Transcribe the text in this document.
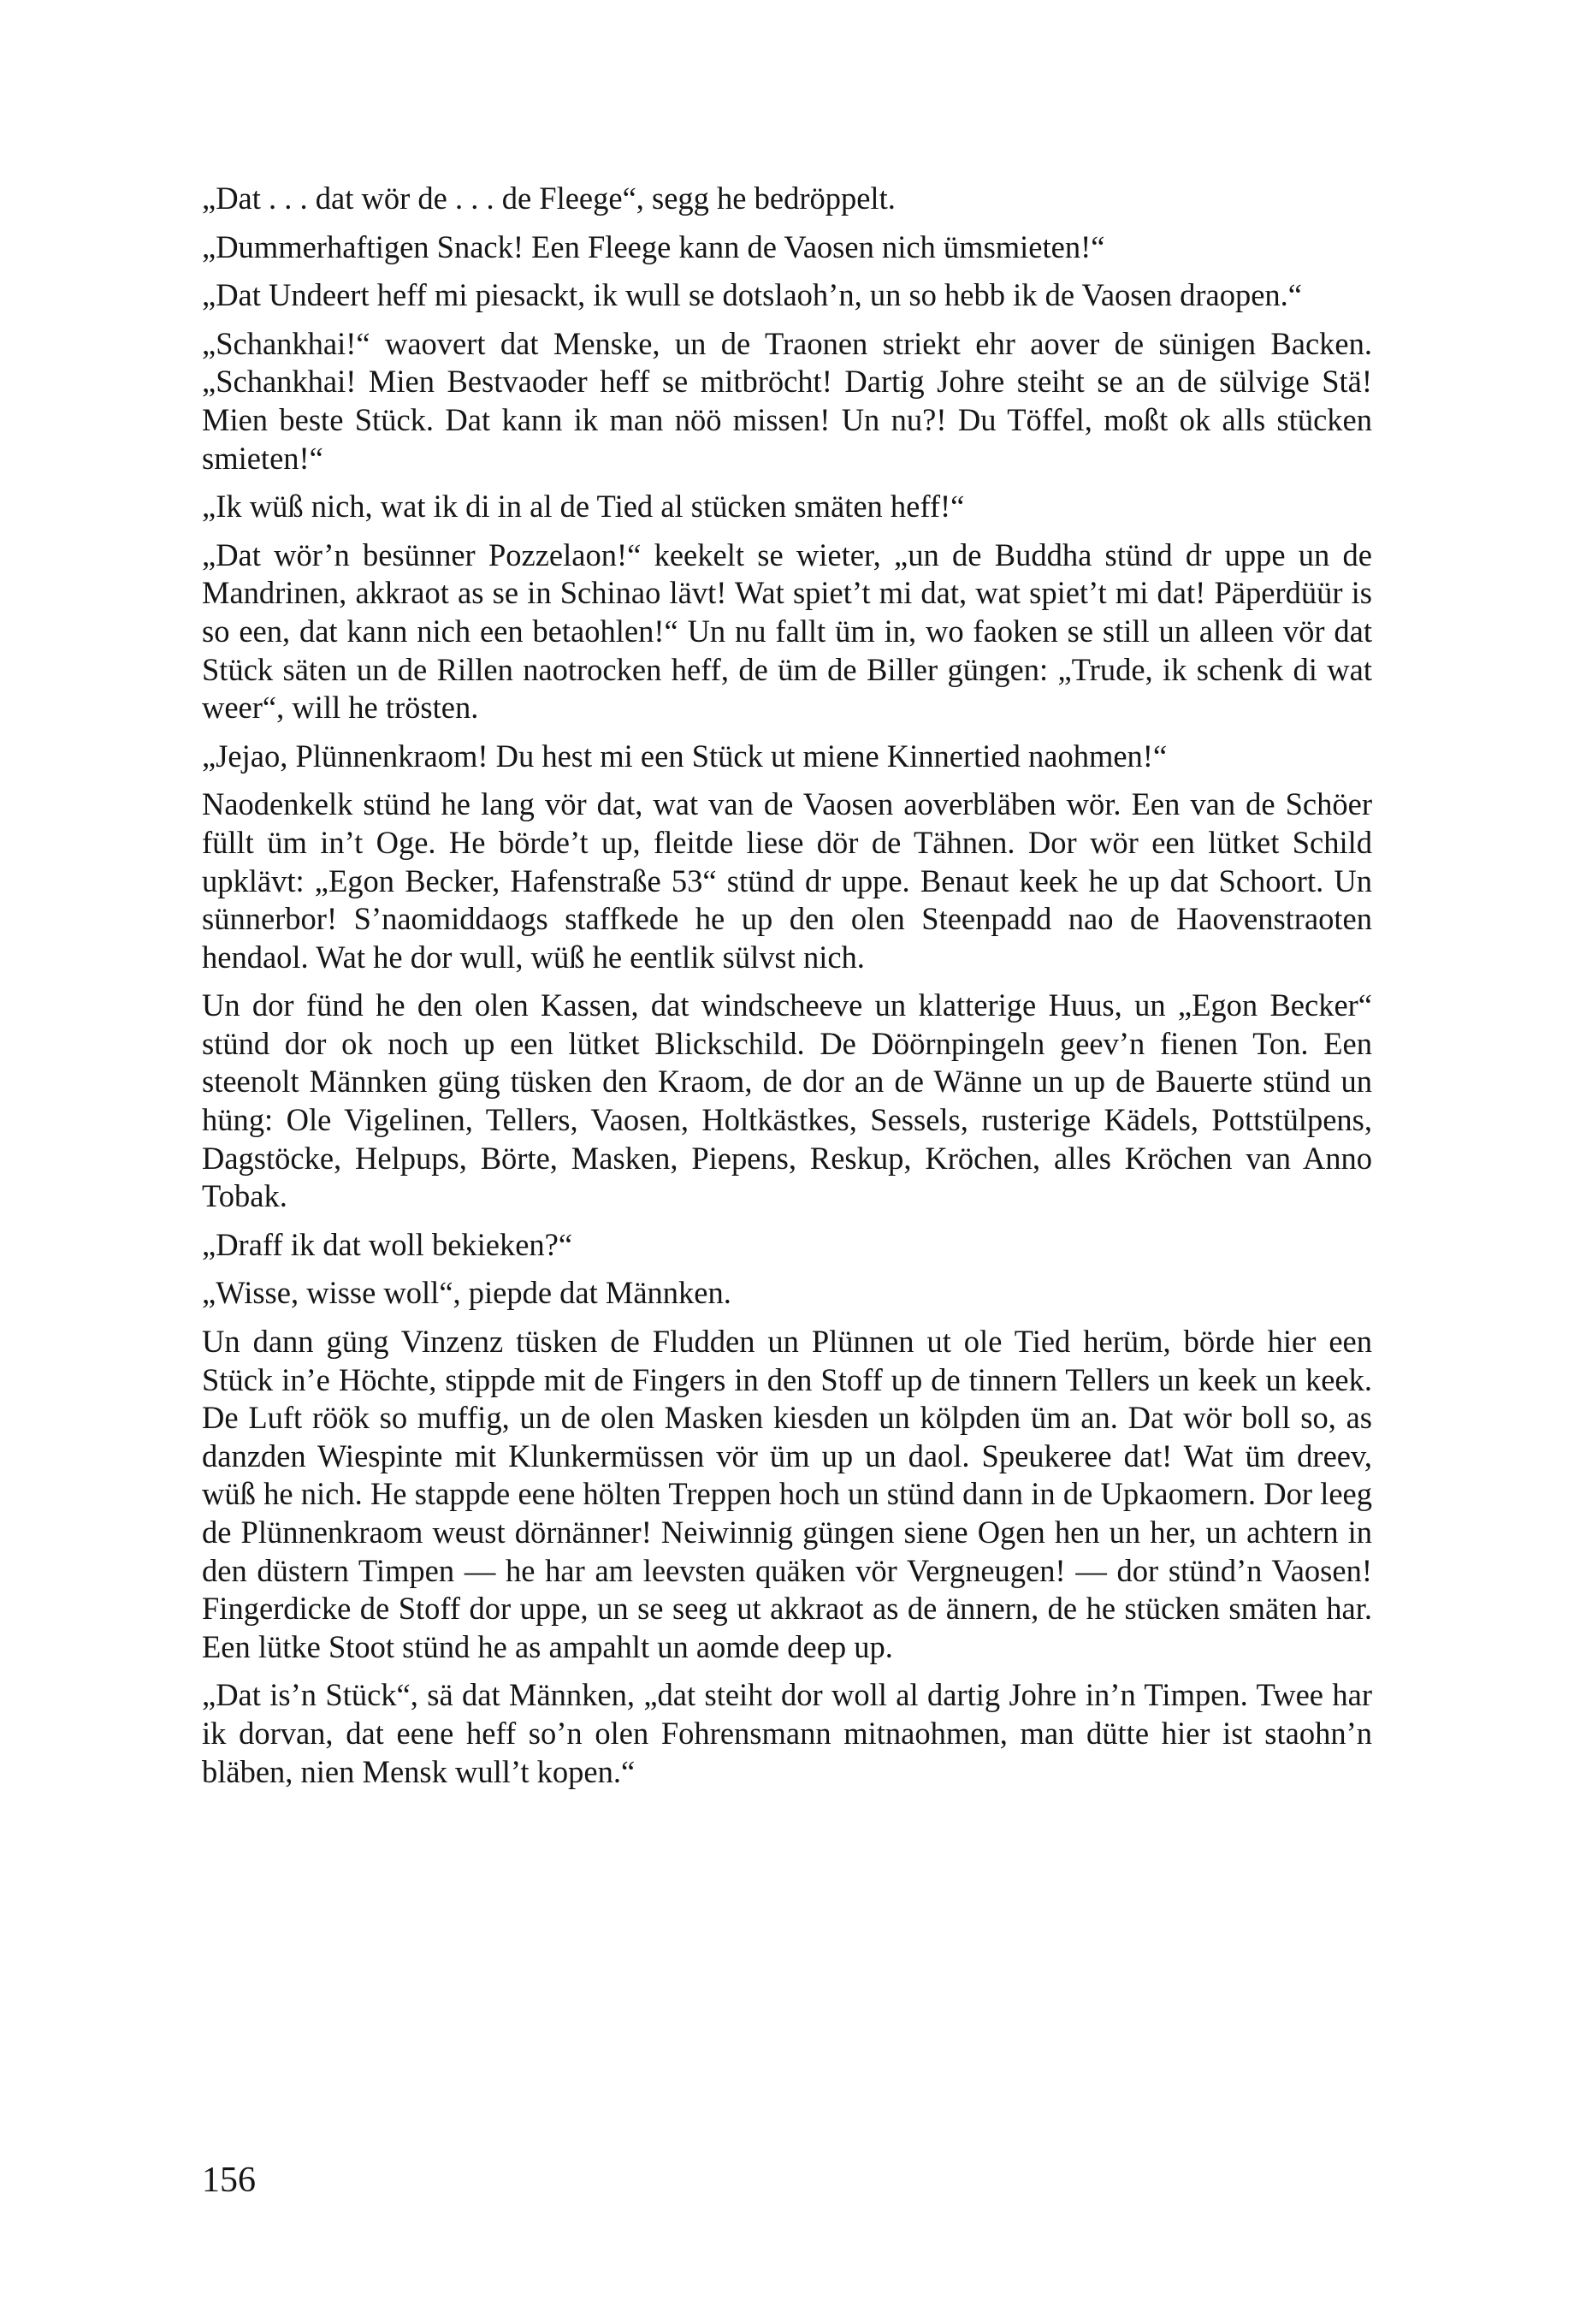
„Dat . . . dat wör de . . . de Fleege“, segg he bedröppelt.

„Dummerhaftigen Snack! Een Fleege kann de Vaosen nich ümsmieten!“

„Dat Undeert heff mi piesackt, ik wull se dotslaoh’n, un so hebb ik de Vaosen draopen.“

„Schankhai!“ waovert dat Menske, un de Traonen striekt ehr aover de sünigen Backen. „Schankhai! Mien Bestvaoder heff se mitbröcht! Dartig Johre steiht se an de sülvige Stä! Mien beste Stück. Dat kann ik man nöö missen! Un nu?! Du Töffel, moßt ok alls stücken smieten!“

„Ik wüß nich, wat ik di in al de Tied al stücken smäten heff!“

„Dat wör’n besünner Pozzelaon!“ keekelt se wieter, „un de Buddha stünd dr uppe un de Mandrinen, akkraot as se in Schinao lävt! Wat spiet’t mi dat, wat spiet’t mi dat! Päperdüür is so een, dat kann nich een betaohlen!“ Un nu fallt üm in, wo faoken se still un alleen vör dat Stück säten un de Rillen naotrocken heff, de üm de Biller güngen: „Trude, ik schenk di wat weer“, will he trösten.

„Jejao, Plünnenkraom! Du hest mi een Stück ut miene Kinnertied naohmen!“

Naodenkelk stünd he lang vör dat, wat van de Vaosen aoverbläben wör. Een van de Schöer füllt üm in’t Oge. He börde’t up, fleitde liese dör de Tähnen. Dor wör een lütket Schild upklävt: „Egon Becker, Hafenstraße 53“ stünd dr uppe. Benaut keek he up dat Schoort. Un sünnerbor! S’naomiddaogs staffkede he up den olen Steenpadd nao de Haovenstraoten hendaol. Wat he dor wull, wüß he eentlik sülvst nich.

Un dor fünd he den olen Kassen, dat windscheeve un klatterige Huus, un „Egon Becker“ stünd dor ok noch up een lütket Blickschild. De Döörnpingeln geev’n fienen Ton. Een steenolt Männken güng tüsken den Kraom, de dor an de Wänne un up de Bauerte stünd un hüng: Ole Vigelinen, Tellers, Vaosen, Holtkästkes, Sessels, rusterige Kädels, Pottstülpens, Dagstöcke, Helpups, Börte, Masken, Piepens, Reskup, Kröchen, alles Kröchen van Anno Tobak.

„Draff ik dat woll bekieken?“

„Wisse, wisse woll“, piepde dat Männken.

Un dann güng Vinzenz tüsken de Fludden un Plünnen ut ole Tied herüm, börde hier een Stück in’e Höchte, stippde mit de Fingers in den Stoff up de tinnern Tellers un keek un keek. De Luft röök so muffig, un de olen Masken kiesden un kölpden üm an. Dat wör boll so, as danzden Wiespinte mit Klunkermüssen vör üm up un daol. Speukeree dat! Wat üm dreev, wüß he nich. He stappde eene hölten Treppen hoch un stünd dann in de Upkaomern. Dor leeg de Plünnenkraom weust dörnänner! Neiwinnig güngen siene Ogen hen un her, un achtern in den düstern Timpen — he har am leevsten quäken vör Vergneugen! — dor stünd’n Vaosen! Fingerdicke de Stoff dor uppe, un se seeg ut akkraot as de ännern, de he stücken smäten har. Een lütke Stoot stünd he as ampahlt un aomde deep up.

„Dat is’n Stück“, sä dat Männken, „dat steiht dor woll al dartig Johre in’n Timpen. Twee har ik dorvan, dat eene heff so’n olen Fohrensmann mitnaohmen, man dütte hier ist staohn’n bläben, nien Mensk wull’t kopen.“

156
